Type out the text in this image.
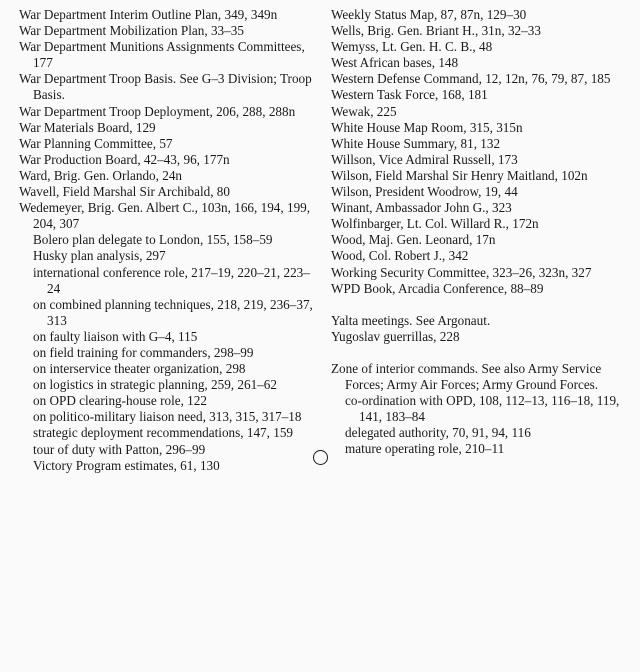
War Department Interim Outline Plan, 349, 349n
War Department Mobilization Plan, 33–35
War Department Munitions Assignments Committees, 177
War Department Troop Basis. See G–3 Division; Troop Basis.
War Department Troop Deployment, 206, 288, 288n
War Materials Board, 129
War Planning Committee, 57
War Production Board, 42–43, 96, 177n
Ward, Brig. Gen. Orlando, 24n
Wavell, Field Marshal Sir Archibald, 80
Wedemeyer, Brig. Gen. Albert C., 103n, 166, 194, 199, 204, 307
Bolero plan delegate to London, 155, 158–59
Husky plan analysis, 297
international conference role, 217–19, 220–21, 223–24
on combined planning techniques, 218, 219, 236–37, 313
on faulty liaison with G–4, 115
on field training for commanders, 298–99
on interservice theater organization, 298
on logistics in strategic planning, 259, 261–62
on OPD clearing-house role, 122
on politico-military liaison need, 313, 315, 317–18
strategic deployment recommendations, 147, 159
tour of duty with Patton, 296–99
Victory Program estimates, 61, 130
Weekly Status Map, 87, 87n, 129–30
Wells, Brig. Gen. Briant H., 31n, 32–33
Wemyss, Lt. Gen. H. C. B., 48
West African bases, 148
Western Defense Command, 12, 12n, 76, 79, 87, 185
Western Task Force, 168, 181
Wewak, 225
White House Map Room, 315, 315n
White House Summary, 81, 132
Willson, Vice Admiral Russell, 173
Wilson, Field Marshal Sir Henry Maitland, 102n
Wilson, President Woodrow, 19, 44
Winant, Ambassador John G., 323
Wolfinbarger, Lt. Col. Willard R., 172n
Wood, Maj. Gen. Leonard, 17n
Wood, Col. Robert J., 342
Working Security Committee, 323–26, 323n, 327
WPD Book, Arcadia Conference, 88–89
Yalta meetings. See Argonaut.
Yugoslav guerrillas, 228
Zone of interior commands. See also Army Service Forces; Army Air Forces; Army Ground Forces.
co-ordination with OPD, 108, 112–13, 116–18, 119, 141, 183–84
delegated authority, 70, 91, 94, 116
mature operating role, 210–11
